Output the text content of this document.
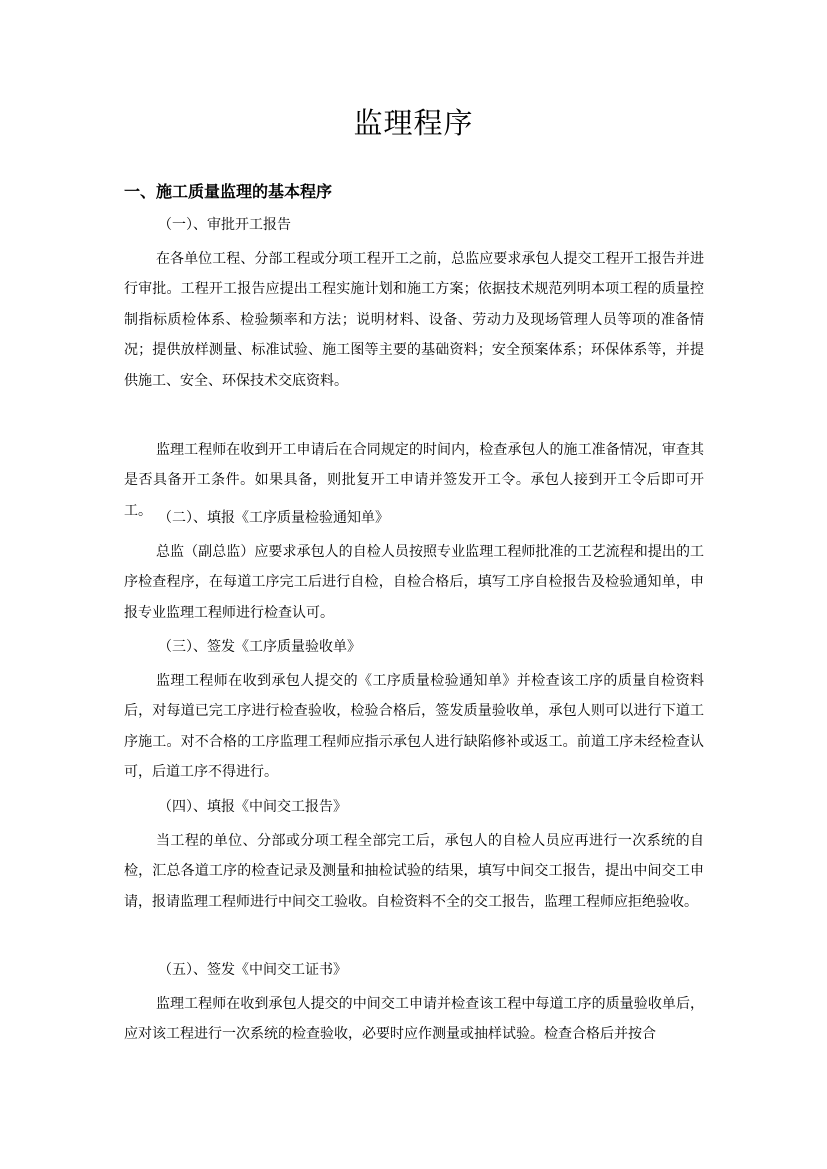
监理程序
一、施工质量监理的基本程序
（一）、审批开工报告

在各单位工程、分部工程或分项工程开工之前，总监应要求承包人提交工程开工报告并进行审批。工程开工报告应提出工程实施计划和施工方案；依据技术规范列明本项工程的质量控制指标质检体系、检验频率和方法；说明材料、设备、劳动力及现场管理人员等项的准备情况；提供放样测量、标准试验、施工图等主要的基础资料；安全预案体系；环保体系等，并提供施工、安全、环保技术交底资料。

监理工程师在收到开工申请后在合同规定的时间内，检查承包人的施工准备情况，审查其是否具备开工条件。如果具备，则批复开工申请并签发开工令。承包人接到开工令后即可开工。 （二）、填报《工序质量检验通知单》

总监（副总监）应要求承包人的自检人员按照专业监理工程师批准的工艺流程和提出的工序检查程序，在每道工序完工后进行自检，自检合格后，填写工序自检报告及检验通知单，申报专业监理工程师进行检查认可。

（三）、签发《工序质量验收单》

监理工程师在收到承包人提交的《工序质量检验通知单》并检查该工序的质量自检资料后，对每道已完工序进行检查验收，检验合格后，签发质量验收单，承包人则可以进行下道工序施工。对不合格的工序监理工程师应指示承包人进行缺陷修补或返工。前道工序未经检查认可，后道工序不得进行。

（四）、填报《中间交工报告》

当工程的单位、分部或分项工程全部完工后，承包人的自检人员应再进行一次系统的自检，汇总各道工序的检查记录及测量和抽检试验的结果，填写中间交工报告，提出中间交工申请，报请监理工程师进行中间交工验收。自检资料不全的交工报告，监理工程师应拒绝验收。

（五）、签发《中间交工证书》

监理工程师在收到承包人提交的中间交工申请并检查该工程中每道工序的质量验收单后，应对该工程进行一次系统的检查验收，必要时应作测量或抽样试验。检查合格后并按合
